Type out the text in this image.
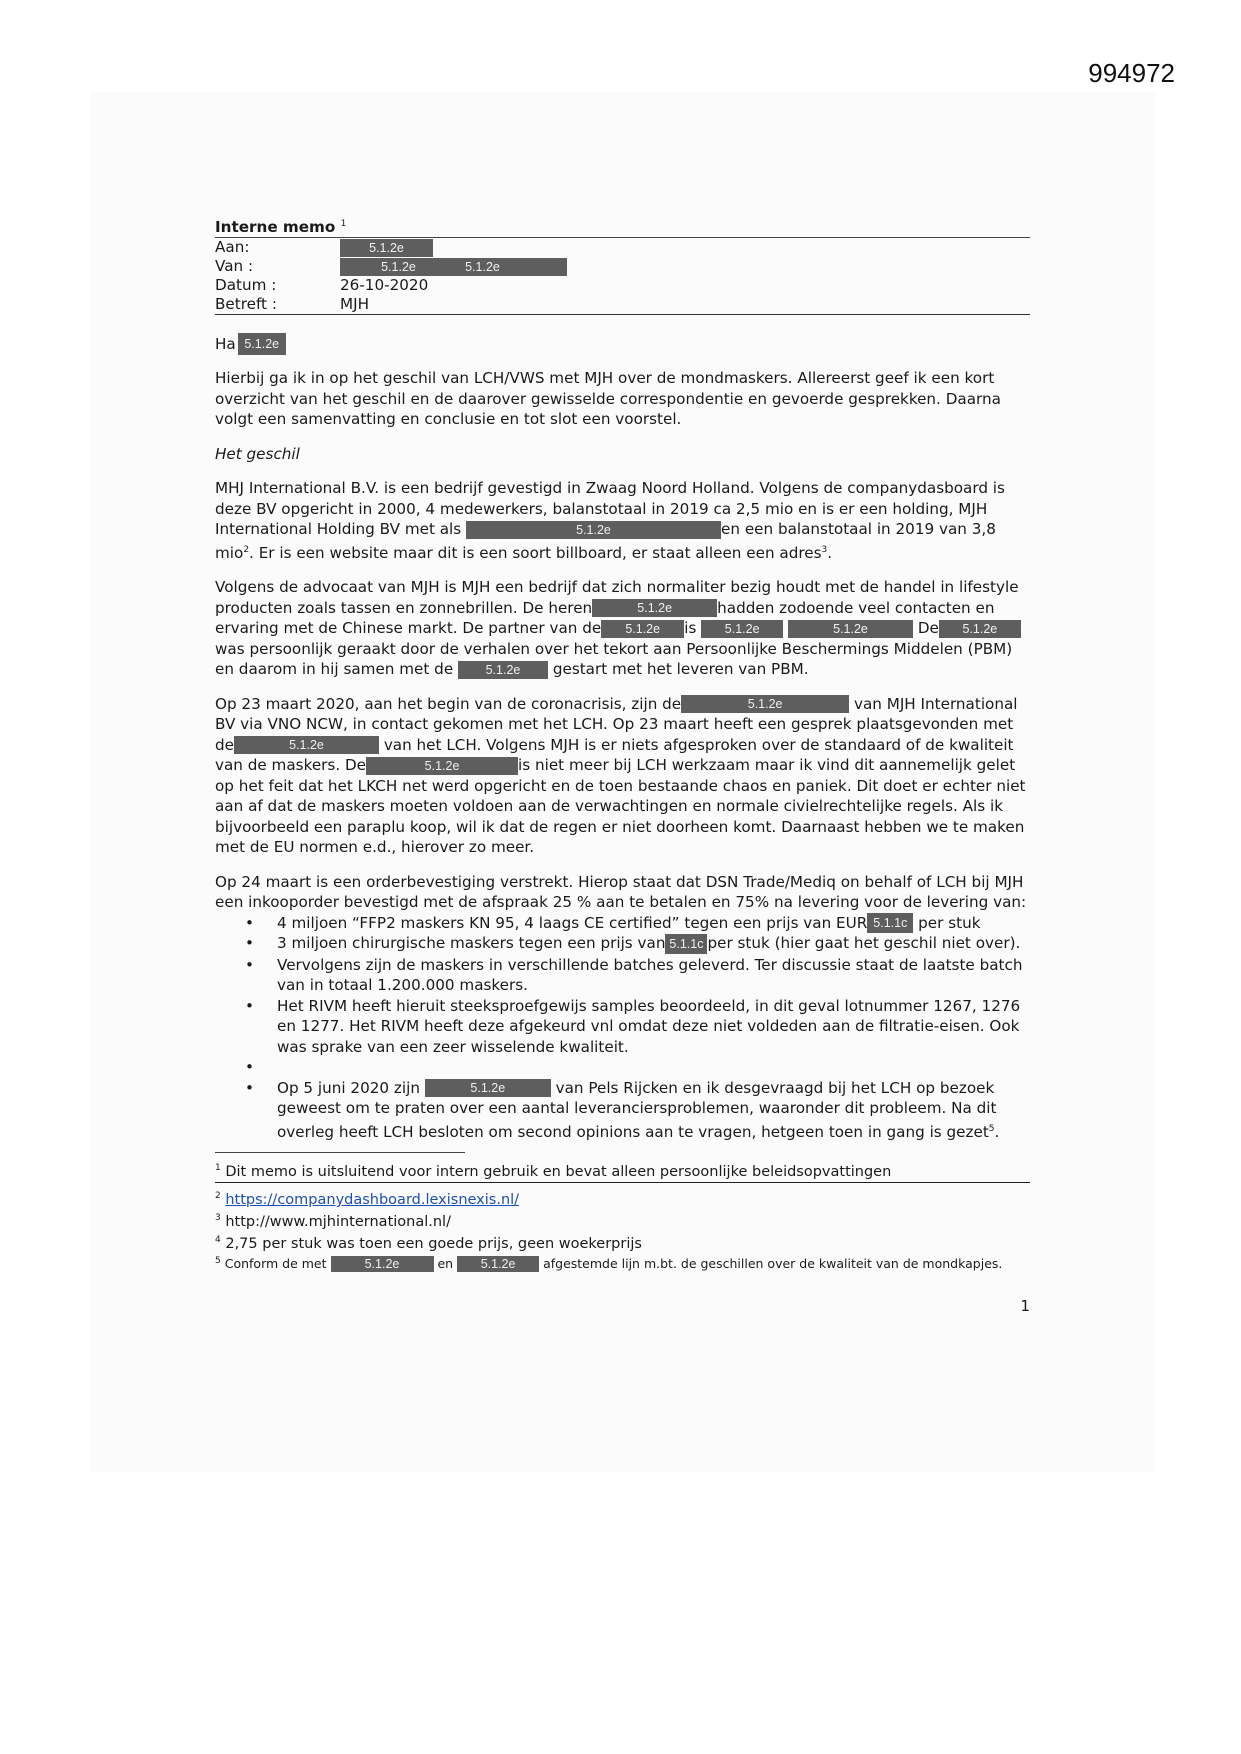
994972
Interne memo $^1$
Aan:	5.1.2e
Van :	5.1.2e	5.1.2e
Datum :	26-10-2020
Betreft :	MJH
Ha 5.1.2e

Hierbij ga ik in op het geschil van LCH/VWS met MJH over de mondmaskers. Allereerst geef ik een kort overzicht van het geschil en de daarover gewisselde correspondentie en gevoerde gesprekken. Daarna volgt een samenvatting en conclusie en tot slot een voorstel.

Het geschil

MHJ International B.V. is een bedrijf gevestigd in Zwaag Noord Holland. Volgens de companydasboard is deze BV opgericht in 2000, 4 medewerkers, balanstotaal in 2019 ca 2,5 mio en is er een holding, MJH International Holding BV met als	5.1.2e	en een balanstotaal in 2019 van 3,8 mio$^2$. Er is een website maar dit is een soort billboard, er staat alleen een adres$^3$.

Volgens de advocaat van MJH is MJH een bedrijf dat zich normaliter bezig houdt met de handel in lifestyle producten zoals tassen en zonnebrillen. De heren	5.1.2e	hadden zodoende veel contacten en ervaring met de Chinese markt. De partner van de 5.1.2e is 5.1.2e	5.1.2e	De 5.1.2ewas persoonlijk geraakt door de verhalen over het tekort aan Persoonlijke Beschermings Middelen (PBM) en daarom in hij samen met de	5.1.2e gestart met het leveren van PBM.

Op 23 maart 2020, aan het begin van de coronacrisis, zijn de	5.1.2e	van MJH International BV via VNO NCW, in contact gekomen met het LCH. Op 23 maart heeft een gesprek plaatsgevonden met de	5.1.2e	van het LCH. Volgens MJH is er niets afgesproken over de standaard of de kwaliteit van de maskers. De	5.1.2e	is niet meer bij LCH werkzaam maar ik vind dit aannemelijk gelet op het feit dat het LKCH net werd opgericht en de toen bestaande chaos en paniek. Dit doet er echter niet aan af dat de maskers moeten voldoen aan de verwachtingen en normale civielrechtelijke regels. Als ik bijvoorbeeld een paraplu koop, wil ik dat de regen er niet doorheen komt. Daarnaast hebben we te maken met de EU normen e.d., hierover zo meer.

Op 24 maart is een orderbevestiging verstrekt. Hierop staat dat DSN Trade/Mediq on behalf of LCH bij MJH een inkooporder bevestigd met de afspraak 25 % aan te betalen en 75% na levering voor de levering van:

• 4 miljoen “FFP2 maskers KN 95, 4 laags CE certified” tegen een prijs van EUR 5.1.1c per stuk
• 3 miljoen chirurgische maskers tegen een prijs van 5.1.1c per stuk (hier gaat het geschil niet over).
• Vervolgens zijn de maskers in verschillende batches geleverd. Ter discussie staat de laatste batch van in totaal 1.200.000 maskers.
• Het RIVM heeft hieruit steeksproefgewijs samples beoordeeld, in dit geval lotnummer 1267, 1276 en 1277. Het RIVM heeft deze afgekeurd vnl omdat deze niet voldeden aan de filtratie-eisen. Ook was sprake van een zeer wisselende kwaliteit.
•
• Op 5 juni 2020 zijn	5.1.2e	van Pels Rijcken en ik desgevraagd bij het LCH op bezoek geweest om te praten over een aantal leveranciersproblemen, waaronder dit probleem. Na dit overleg heeft LCH besloten om second opinions aan te vragen, hetgeen toen in gang is gezet$^5$.
$^1$ Dit memo is uitsluitend voor intern gebruik en bevat alleen persoonlijke beleidsopvattingen
$^2$ https://companydashboard.lexisnexis.nl/
$^3$ http://www.mjhinternational.nl/
$^4$ 2,75 per stuk was toen een goede prijs, geen woekerprijs
$^5$ Conform de met	5.1.2e	en 5.1.2e afgestemde lijn m.bt. de geschillen over de kwaliteit van de mondkapjes.
1
